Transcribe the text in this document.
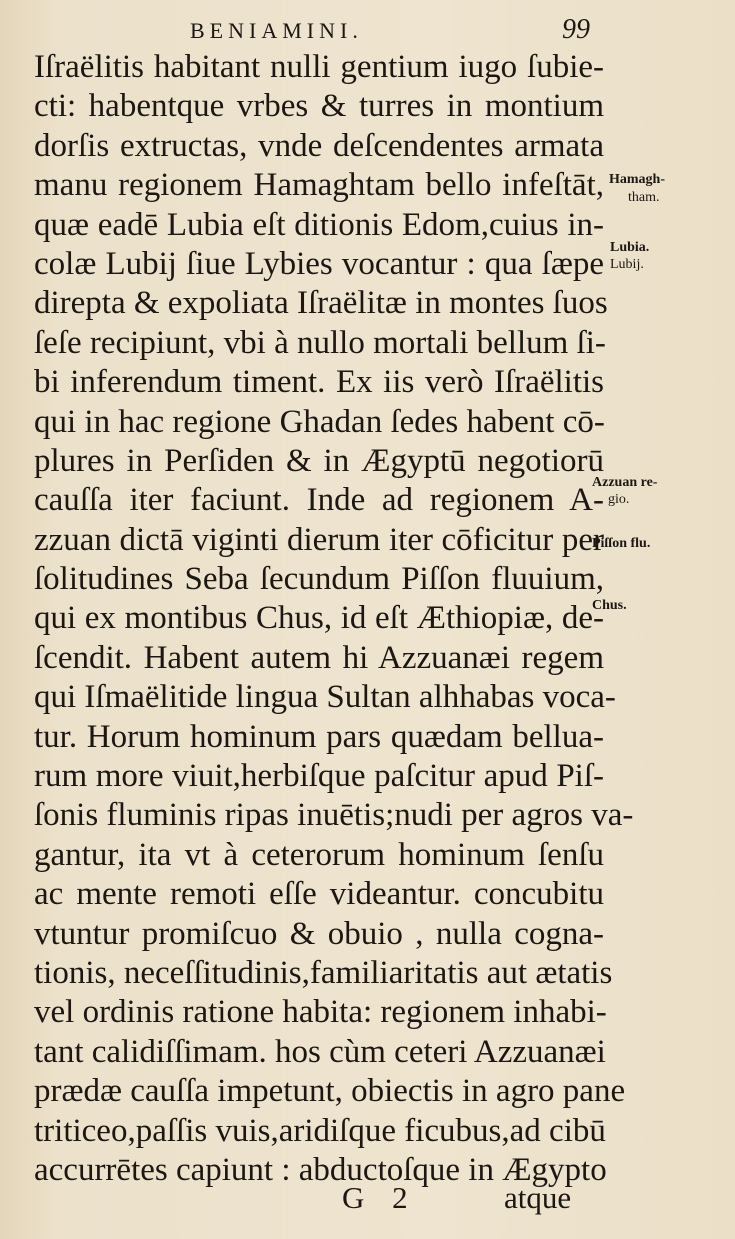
BENIAMINI.	99
Iſraëlitis habitant nulli gentium iugo ſubie-
cti: habentque vrbes & turres in montium
dorſis extructas, vnde deſcendentes armata
manu regionem Hamaghtam bello infeſtāt,
quæ eadē Lubia eſt ditionis Edom,cuius in-
colæ Lubij ſiue Lybies vocantur : qua ſæpe
direpta & expoliata Iſraëlitæ in montes ſuos
ſeſe recipiunt, vbi à nullo mortali bellum ſi-
bi inferendum timent. Ex iis verò Iſraëlitis
qui in hac regione Ghadan ſedes habent cō-
plures in Perſiden & in Ægyptū negotiorū
cauſſa iter faciunt. Inde ad regionem A-
zzuan dictā viginti dierum iter cōficitur per
ſolitudines Seba ſecundum Piſſon fluuium,
qui ex montibus Chus, id eſt Æthiopiæ, de-
ſcendit. Habent autem hi Azzuanæi regem
qui Iſmaëlitide lingua Sultan alhhabas voca-
tur. Horum hominum pars quædam bellua-
rum more viuit,herbiſque paſcitur apud Piſ-
ſonis fluminis ripas inuētis;nudi per agros va-
gantur, ita vt à ceterorum hominum ſenſu
ac mente remoti eſſe videantur. concubitu
vtuntur promiſcuo & obuio , nulla cogna-
tionis, neceſſitudinis,familiaritatis aut ætatis
vel ordinis ratione habita: regionem inhabi-
tant calidiſſimam. hos cùm ceteri Azzuanæi
prædæ cauſſa impetunt, obiectis in agro pane
triticeo,paſſis vuis,aridiſque ficubus,ad cibū
accurrētes capiunt : abductoſque in Ægypto
Hamagh-
tham.
Lubia.
Lubij.
Azzuan re-
gio.
Piſſon flu.
Chus.
G 2	atque
